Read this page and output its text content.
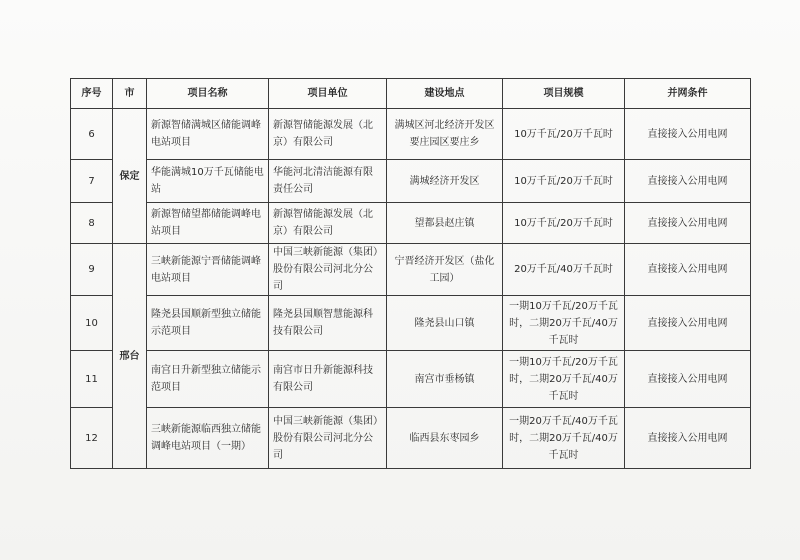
序号	市	项目名称	项目单位	建设地点	项目规模	并网条件
6	保定	新源智储满城区储能调峰电站项目	新源智储能源发展（北京）有限公司	满城区河北经济开发区要庄园区要庄乡	10万千瓦/20万千瓦时	直接接入公用电网
7		华能满城10万千瓦储能电站	华能河北清洁能源有限责任公司	满城经济开发区	10万千瓦/20万千瓦时	直接接入公用电网
8		新源智储望都储能调峰电站项目	新源智储能源发展（北京）有限公司	望都县赵庄镇	10万千瓦/20万千瓦时	直接接入公用电网
9	邢台	三峡新能源宁晋储能调峰电站项目	中国三峡新能源（集团）股份有限公司河北分公司	宁晋经济开发区（盐化工园）	20万千瓦/40万千瓦时	直接接入公用电网
10		隆尧县国顺新型独立储能示范项目	隆尧县国顺智慧能源科技有限公司	隆尧县山口镇	一期10万千瓦/20万千瓦时，二期20万千瓦/40万千瓦时	直接接入公用电网
11		南宫日升新型独立储能示范项目	南宫市日升新能源科技有限公司	南宫市垂杨镇	一期10万千瓦/20万千瓦时，二期20万千瓦/40万千瓦时	直接接入公用电网
12		三峡新能源临西独立储能调峰电站项目（一期）	中国三峡新能源（集团）股份有限公司河北分公司	临西县东枣园乡	一期20万千瓦/40万千瓦时，二期20万千瓦/40万千瓦时	直接接入公用电网
